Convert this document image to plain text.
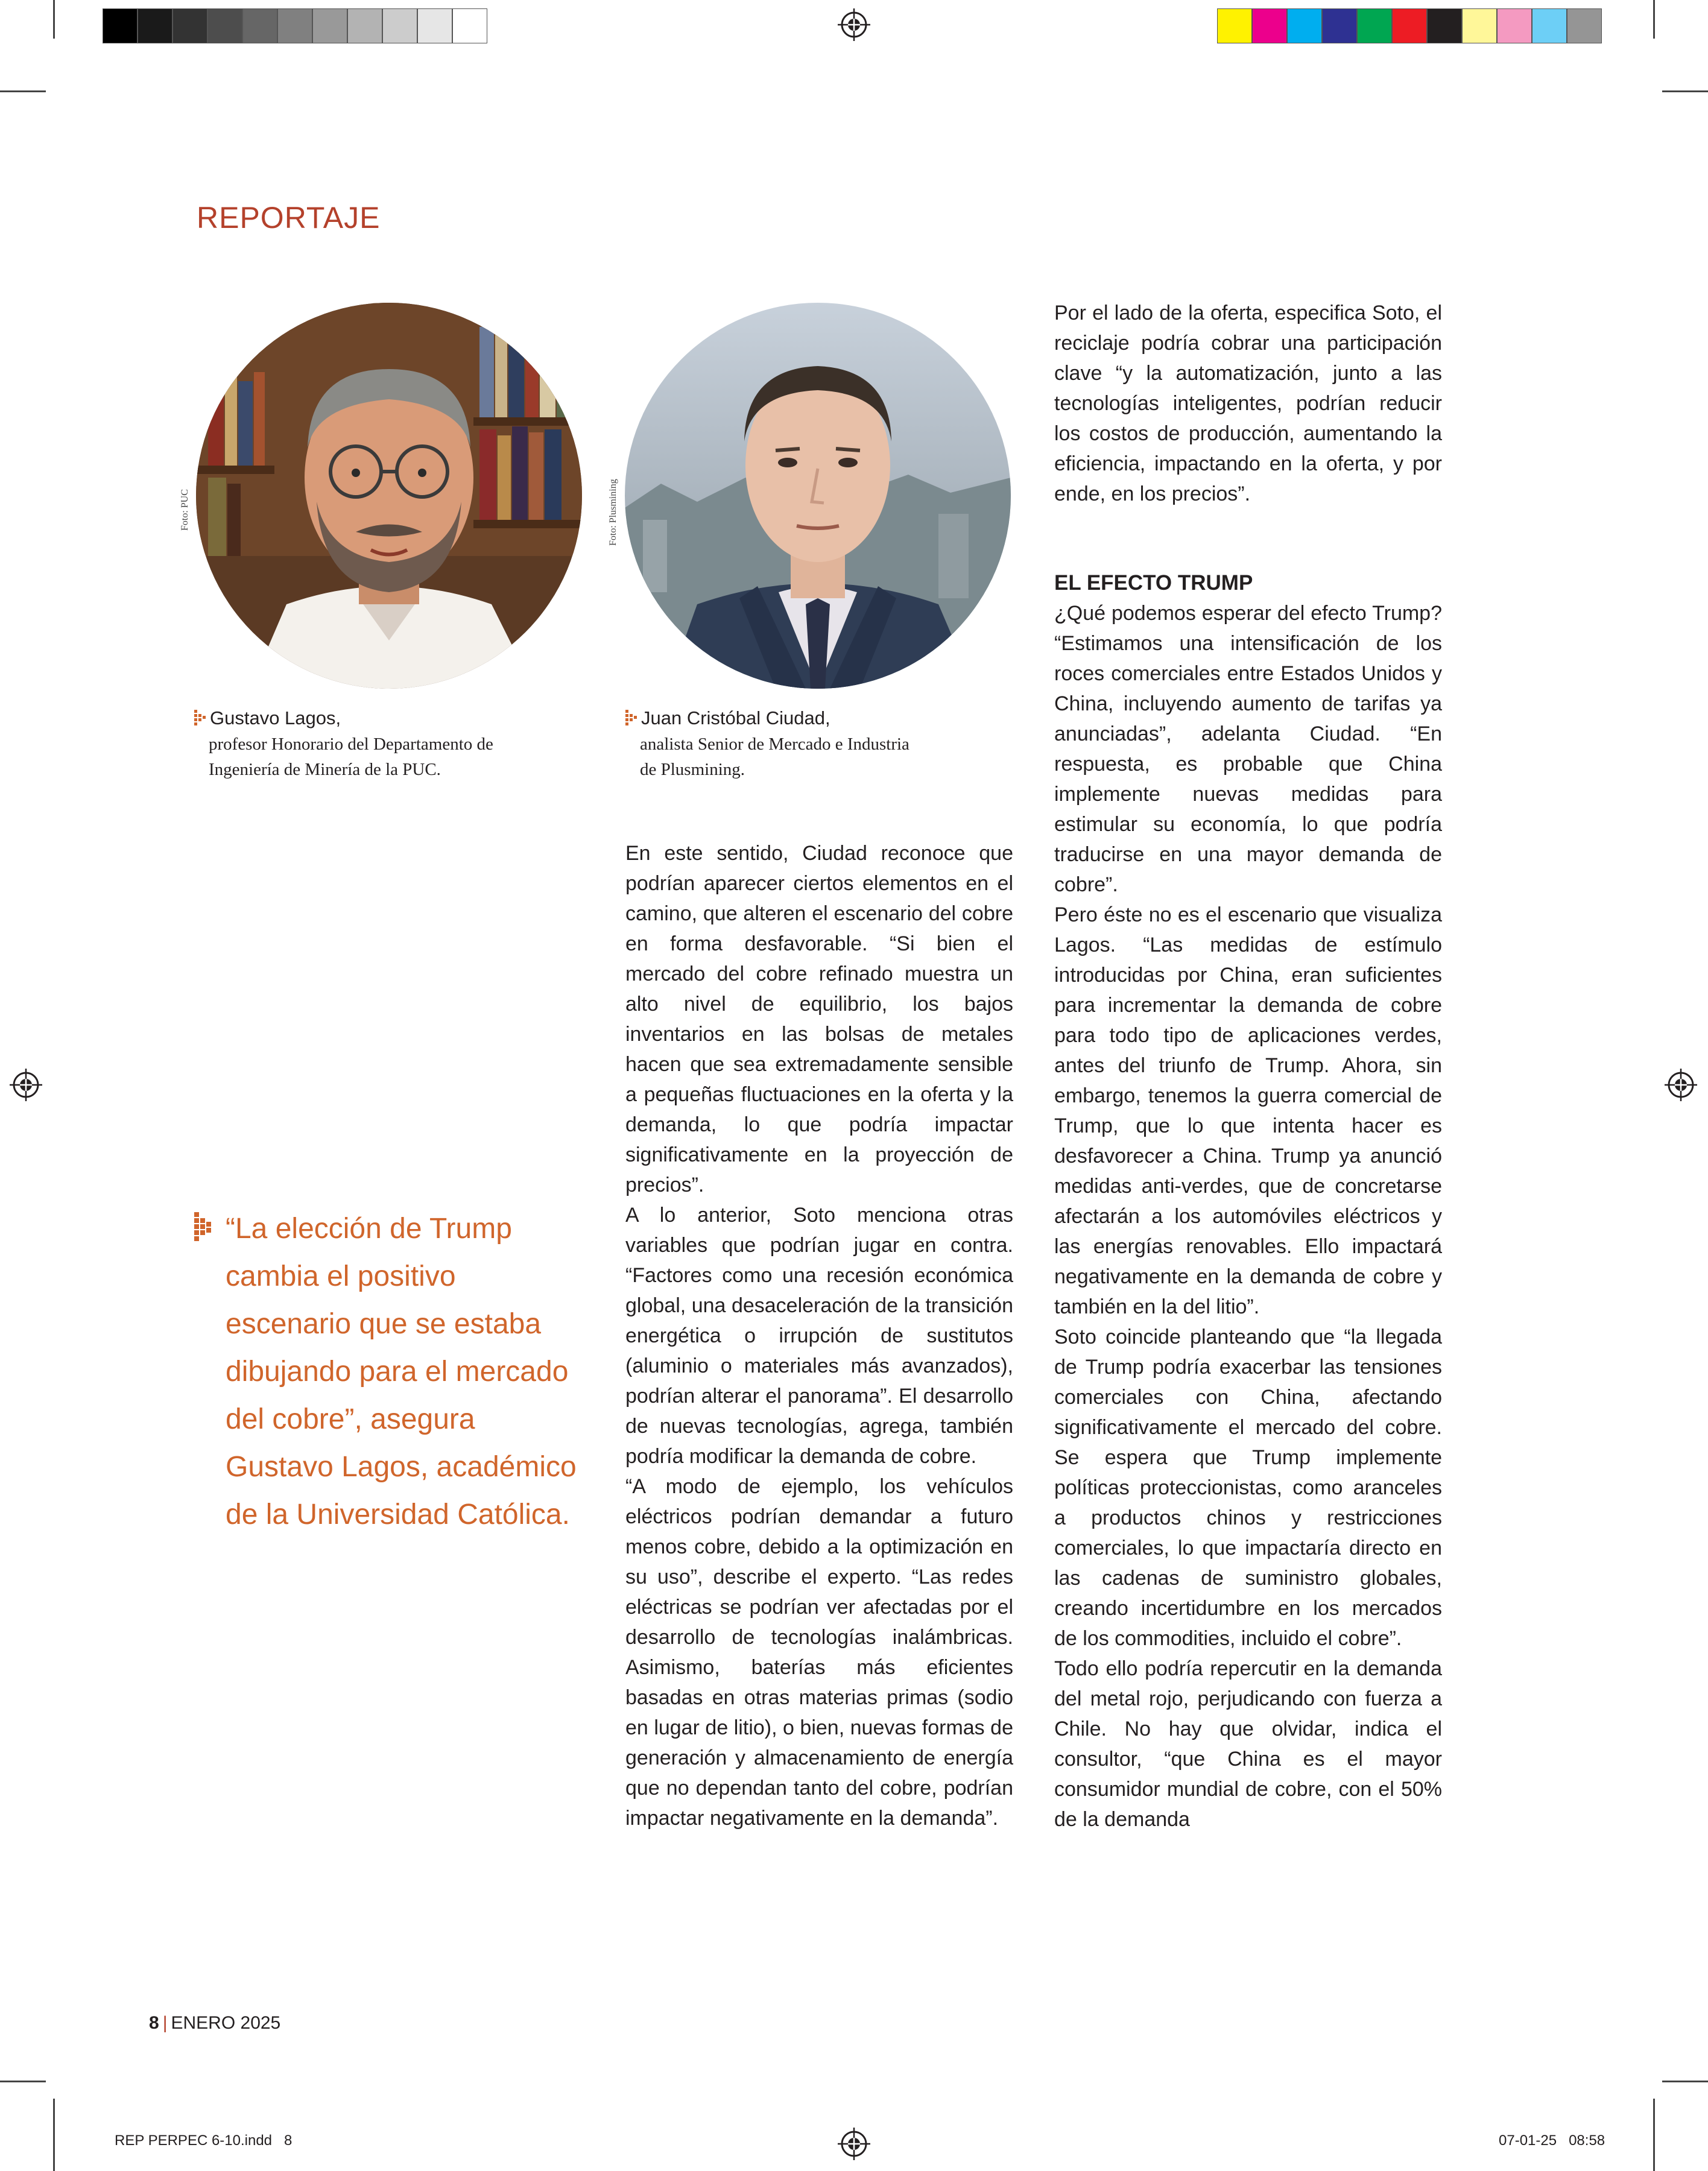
REPORTAJE
Foto: PUC	Foto: Plusmining
Gustavo Lagos,
profesor Honorario del Departamento de
Ingeniería de Minería de la PUC.
Juan Cristóbal Ciudad,
analista Senior de Mercado e Industria
de Plusmining.
“La elección de Trump cambia el positivo escenario que se estaba dibujando para el mercado del cobre”, asegura Gustavo Lagos, académico de la Universidad Católica.

En este sentido, Ciudad reconoce que podrían aparecer ciertos elementos en el camino, que alteren el escenario del cobre en forma desfavorable. “Si bien el mercado del cobre refinado muestra un alto nivel de equilibrio, los bajos inventarios en las bolsas de metales hacen que sea extremadamente sensible a pequeñas fluctuaciones en la oferta y la demanda, lo que podría impactar significativamente en la proyección de precios”.

A lo anterior, Soto menciona otras variables que podrían jugar en contra. “Factores como una recesión económica global, una desaceleración de la transición energética o irrupción de sustitutos (aluminio o materiales más avanzados), podrían alterar el panorama”. El desarrollo de nuevas tecnologías, agrega, también podría modificar la demanda de cobre.

“A modo de ejemplo, los vehículos eléctricos podrían demandar a futuro menos cobre, debido a la optimización en su uso”, describe el experto. “Las redes eléctricas se podrían ver afectadas por el desarrollo de tecnologías inalámbricas. Asimismo, baterías más eficientes basadas en otras materias primas (sodio en lugar de litio), o bien, nuevas formas de generación y almacenamiento de energía que no dependan tanto del cobre, podrían impactar negativamente en la demanda”.

Por el lado de la oferta, especifica Soto, el reciclaje podría cobrar una participación clave “y la automatización, junto a las tecnologías inteligentes, podrían reducir los costos de producción, aumentando la eficiencia, impactando en la oferta, y por ende, en los precios”.

EL EFECTO TRUMP

¿Qué podemos esperar del efecto Trump? “Estimamos una intensificación de los roces comerciales entre Estados Unidos y China, incluyendo aumento de tarifas ya anunciadas”, adelanta Ciudad. “En respuesta, es probable que China implemente nuevas medidas para estimular su economía, lo que podría traducirse en una mayor demanda de cobre”.

Pero éste no es el escenario que visualiza Lagos. “Las medidas de estímulo introducidas por China, eran suficientes para incrementar la demanda de cobre para todo tipo de aplicaciones verdes, antes del triunfo de Trump. Ahora, sin embargo, tenemos la guerra comercial de Trump, que lo que intenta hacer es desfavorecer a China. Trump ya anunció medidas anti-verdes, que de concretarse afectarán a los automóviles eléctricos y las energías renovables. Ello impactará negativamente en la demanda de cobre y también en la del litio”.

Soto coincide planteando que “la llegada de Trump podría exacerbar las tensiones comerciales con China, afectando significativamente el mercado del cobre. Se espera que Trump implemente políticas proteccionistas, como aranceles a productos chinos y restricciones comerciales, lo que impactaría directo en las cadenas de suministro globales, creando incertidumbre en los mercados de los commodities, incluido el cobre”.

Todo ello podría repercutir en la demanda del metal rojo, perjudicando con fuerza a Chile. No hay que olvidar, indica el consultor, “que China es el mayor consumidor mundial de cobre, con el 50% de la demanda

8 | ENERO 2025
REP PERPEC 6-10.indd   8	07-01-25   08:58
